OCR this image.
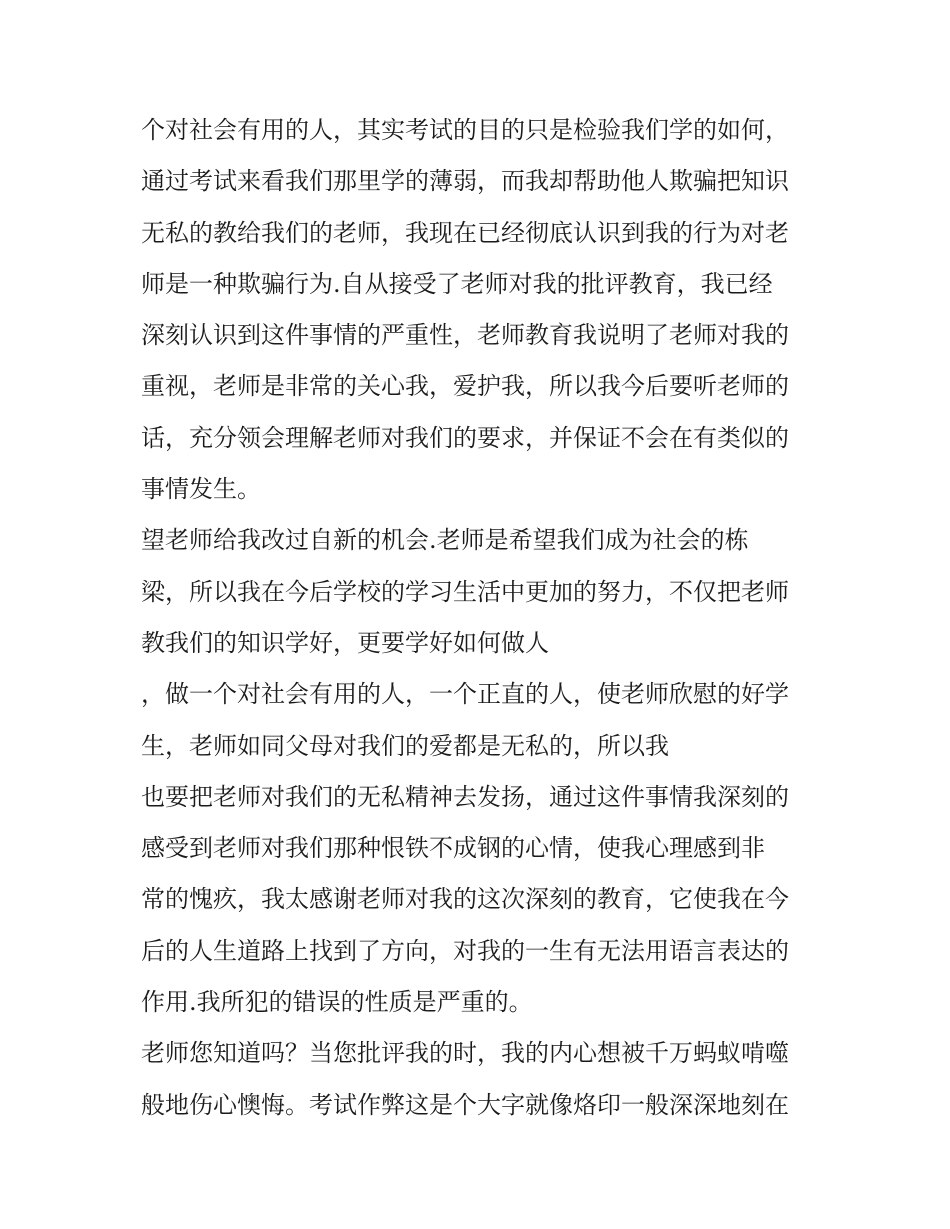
个对社会有用的人，其实考试的目的只是检验我们学的如何，
通过考试来看我们那里学的薄弱，而我却帮助他人欺骗把知识
无私的教给我们的老师，我现在已经彻底认识到我的行为对老
师是一种欺骗行为.自从接受了老师对我的批评教育，我已经
深刻认识到这件事情的严重性，老师教育我说明了老师对我的
重视，老师是非常的关心我，爱护我，所以我今后要听老师的
话，充分领会理解老师对我们的要求，并保证不会在有类似的
事情发生。
望老师给我改过自新的机会.老师是希望我们成为社会的栋
梁，所以我在今后学校的学习生活中更加的努力，不仅把老师
教我们的知识学好，更要学好如何做人
，做一个对社会有用的人，一个正直的人，使老师欣慰的好学
生，老师如同父母对我们的爱都是无私的，所以我
也要把老师对我们的无私精神去发扬，通过这件事情我深刻的
感受到老师对我们那种恨铁不成钢的心情，使我心理感到非
常的愧疚，我太感谢老师对我的这次深刻的教育，它使我在今
后的人生道路上找到了方向，对我的一生有无法用语言表达的
作用.我所犯的错误的性质是严重的。
老师您知道吗？当您批评我的时，我的内心想被千万蚂蚁啃噬
般地伤心懊悔。考试作弊这是个大字就像烙印一般深深地刻在
